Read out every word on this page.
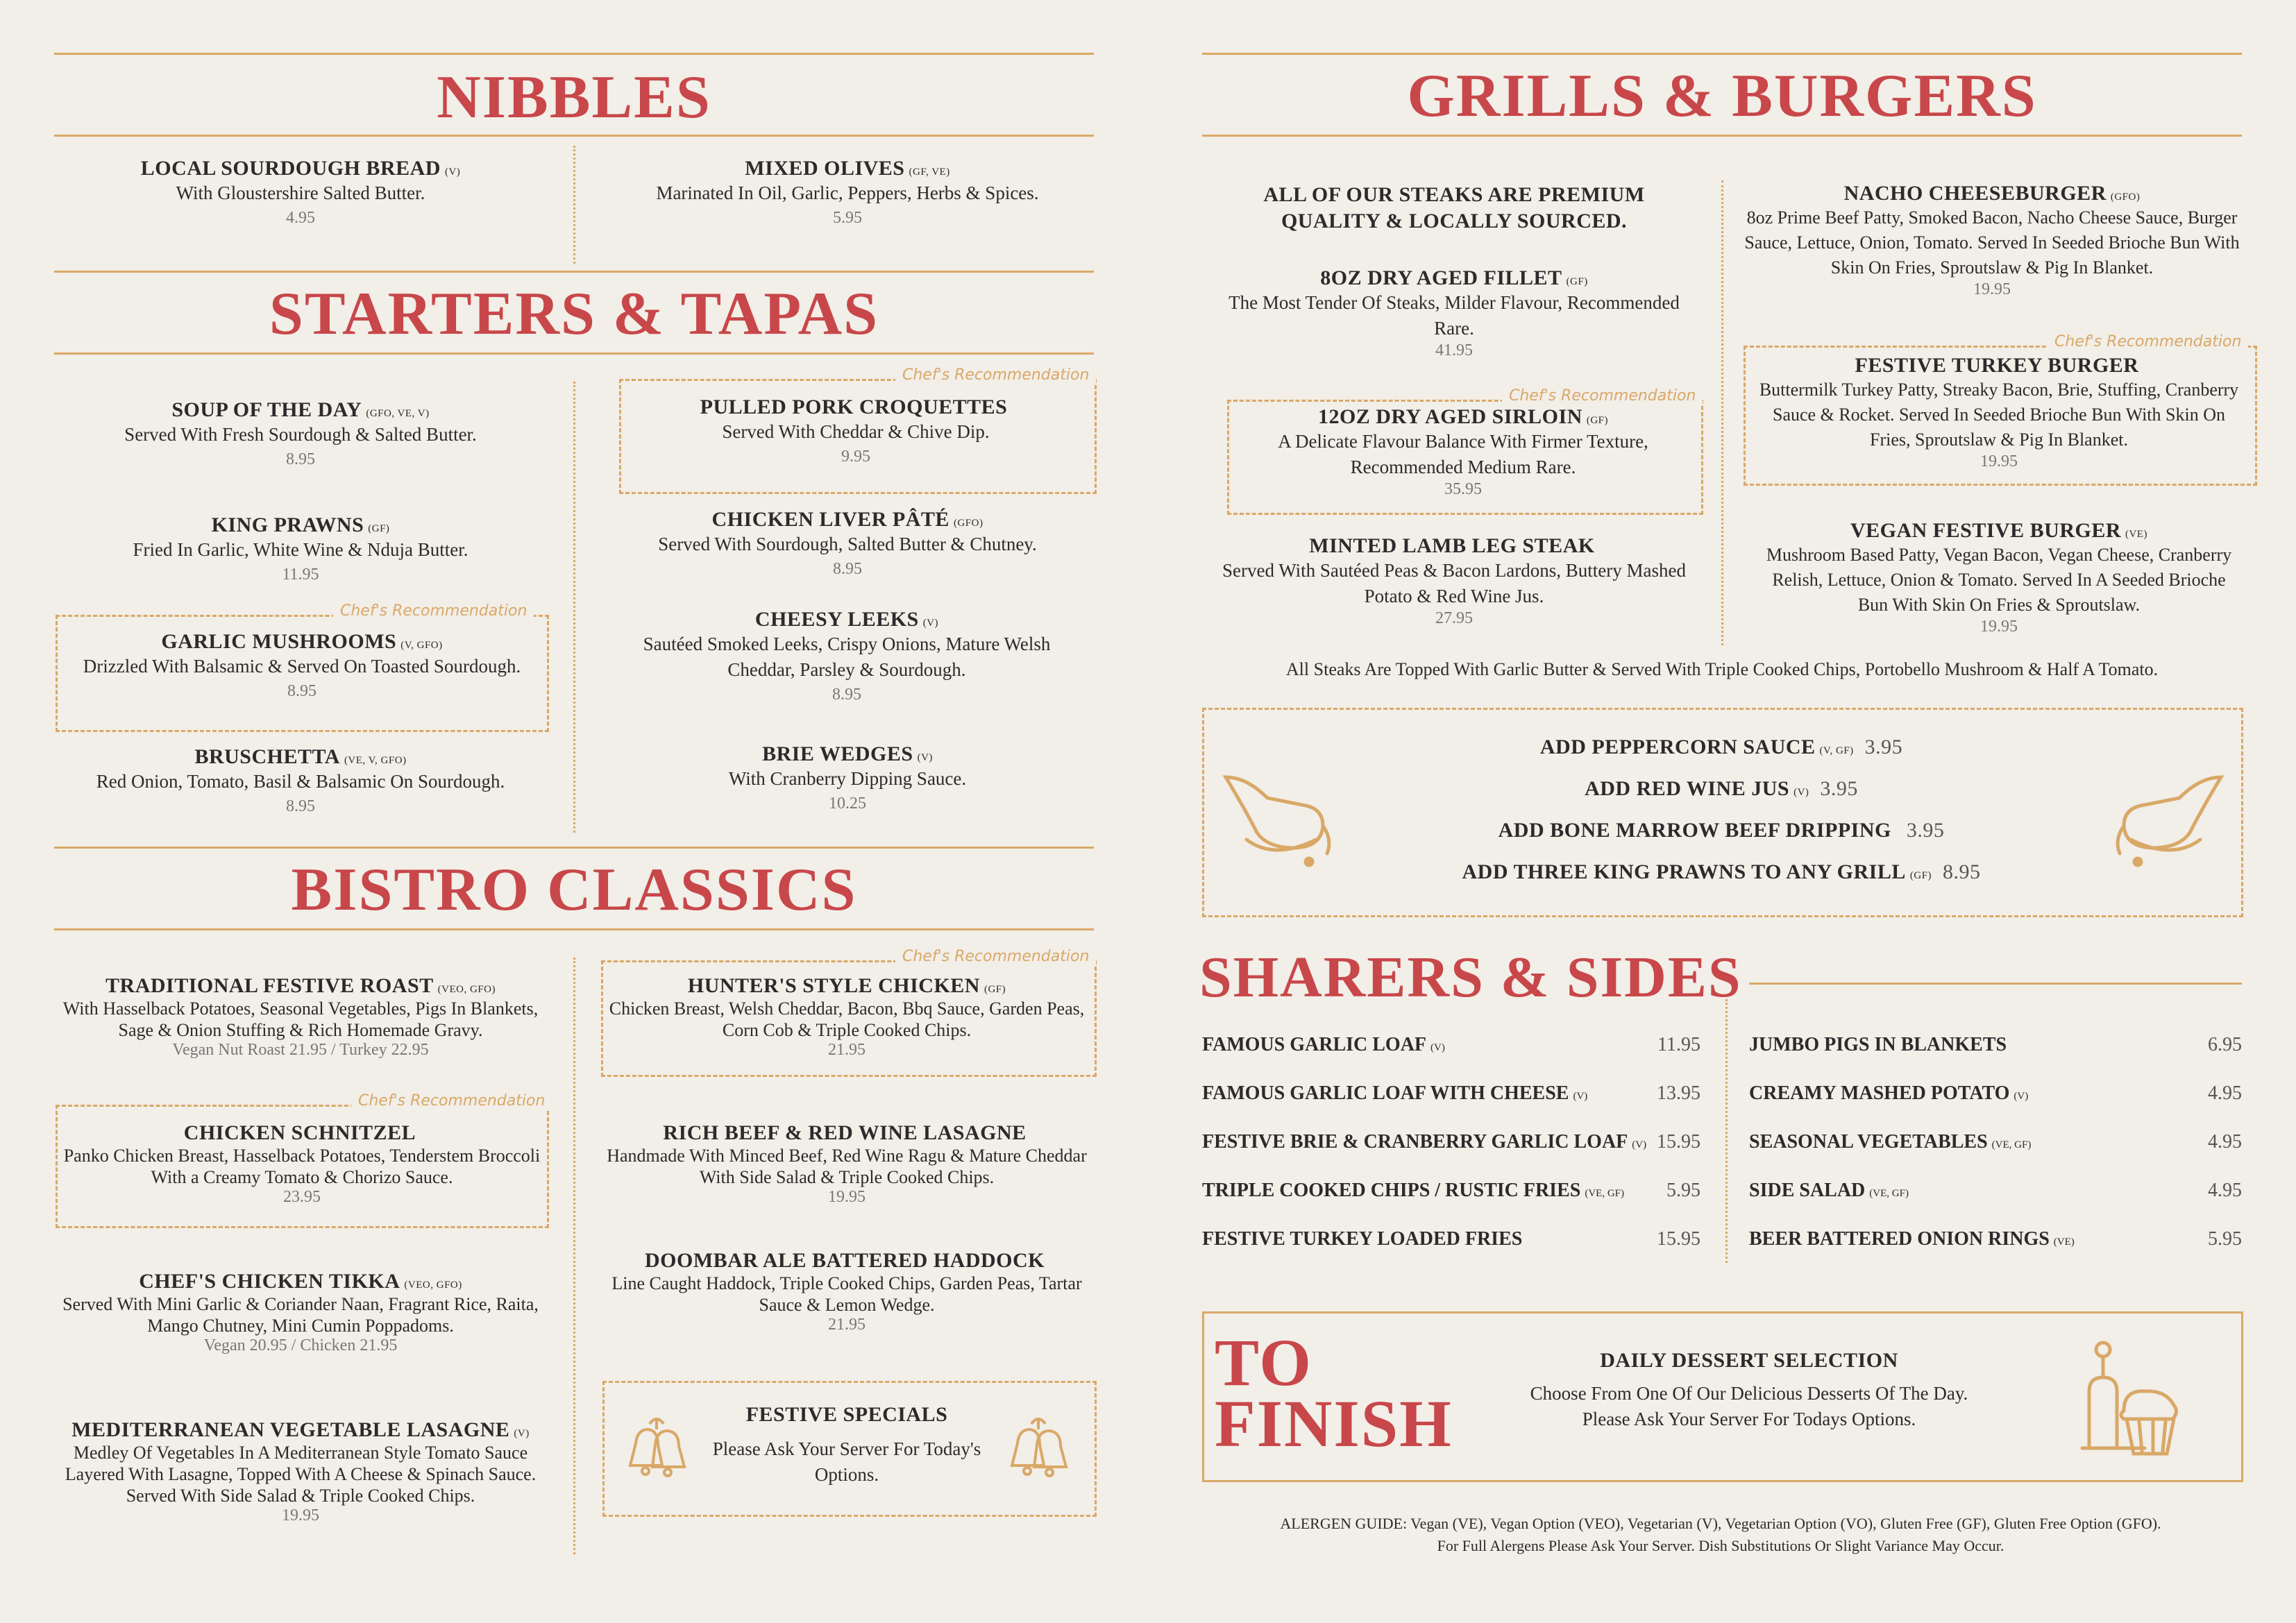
NIBBLES
LOCAL SOURDOUGH BREAD (V)
With Gloustershire Salted Butter.
4.95
MIXED OLIVES (GF, VE)
Marinated In Oil, Garlic, Peppers, Herbs & Spices.
5.95
STARTERS & TAPAS
SOUP OF THE DAY (GFO, VE, V)
Served With Fresh Sourdough & Salted Butter.
8.95
KING PRAWNS (GF)
Fried In Garlic, White Wine & Nduja Butter.
11.95
Chef's Recommendation
GARLIC MUSHROOMS (V, GFO)
Drizzled With Balsamic & Served On Toasted Sourdough.
8.95
BRUSCHETTA (VE, V, GFO)
Red Onion, Tomato, Basil & Balsamic On Sourdough.
8.95
Chef's Recommendation
PULLED PORK CROQUETTES
Served With Cheddar & Chive Dip.
9.95
CHICKEN LIVER PÂTÉ (GFO)
Served With Sourdough, Salted Butter & Chutney.
8.95
CHEESY LEEKS (V)
Sautéed Smoked Leeks, Crispy Onions, Mature Welsh Cheddar, Parsley & Sourdough.
8.95
BRIE WEDGES (V)
With Cranberry Dipping Sauce.
10.25
BISTRO CLASSICS
TRADITIONAL FESTIVE ROAST (VEO, GFO)
With Hasselback Potatoes, Seasonal Vegetables, Pigs In Blankets, Sage & Onion Stuffing & Rich Homemade Gravy.
Vegan Nut Roast 21.95 / Turkey 22.95
Chef's Recommendation
CHICKEN SCHNITZEL
Panko Chicken Breast, Hasselback Potatoes, Tenderstem Broccoli With a Creamy Tomato & Chorizo Sauce.
23.95
CHEF'S CHICKEN TIKKA (VEO, GFO)
Served With Mini Garlic & Coriander Naan, Fragrant Rice, Raita, Mango Chutney, Mini Cumin Poppadoms.
Vegan 20.95 / Chicken 21.95
MEDITERRANEAN VEGETABLE LASAGNE (V)
Medley Of Vegetables In A Mediterranean Style Tomato Sauce Layered With Lasagne, Topped With A Cheese & Spinach Sauce. Served With Side Salad & Triple Cooked Chips.
19.95
Chef's Recommendation
HUNTER'S STYLE CHICKEN (GF)
Chicken Breast, Welsh Cheddar, Bacon, Bbq Sauce, Garden Peas, Corn Cob & Triple Cooked Chips.
21.95
RICH BEEF & RED WINE LASAGNE
Handmade With Minced Beef, Red Wine Ragu & Mature Cheddar With Side Salad & Triple Cooked Chips.
19.95
DOOMBAR ALE BATTERED HADDOCK
Line Caught Haddock, Triple Cooked Chips, Garden Peas, Tartar Sauce & Lemon Wedge.
21.95
FESTIVE SPECIALS
Please Ask Your Server For Today's Options.
GRILLS & BURGERS
ALL OF OUR STEAKS ARE PREMIUM QUALITY & LOCALLY SOURCED.
8OZ DRY AGED FILLET (GF)
The Most Tender Of Steaks, Milder Flavour, Recommended Rare.
41.95
Chef's Recommendation
12OZ DRY AGED SIRLOIN (GF)
A Delicate Flavour Balance With Firmer Texture, Recommended Medium Rare.
35.95
MINTED LAMB LEG STEAK
Served With Sautéed Peas & Bacon Lardons, Buttery Mashed Potato & Red Wine Jus.
27.95
NACHO CHEESEBURGER (GFO)
8oz Prime Beef Patty, Smoked Bacon, Nacho Cheese Sauce, Burger Sauce, Lettuce, Onion, Tomato. Served In Seeded Brioche Bun With Skin On Fries, Sproutslaw & Pig In Blanket.
19.95
Chef's Recommendation
FESTIVE TURKEY BURGER
Buttermilk Turkey Patty, Streaky Bacon, Brie, Stuffing, Cranberry Sauce & Rocket. Served In Seeded Brioche Bun With Skin On Fries, Sproutslaw & Pig In Blanket.
19.95
VEGAN FESTIVE BURGER (VE)
Mushroom Based Patty, Vegan Bacon, Vegan Cheese, Cranberry Relish, Lettuce, Onion & Tomato. Served In A Seeded Brioche Bun With Skin On Fries & Sproutslaw.
19.95
All Steaks Are Topped With Garlic Butter & Served With Triple Cooked Chips, Portobello Mushroom & Half A Tomato.
ADD PEPPERCORN SAUCE (V, GF) 3.95
ADD RED WINE JUS (V) 3.95
ADD BONE MARROW BEEF DRIPPING 3.95
ADD THREE KING PRAWNS TO ANY GRILL (GF) 8.95
SHARERS & SIDES
FAMOUS GARLIC LOAF (V)	11.95
FAMOUS GARLIC LOAF WITH CHEESE (V)	13.95
FESTIVE BRIE & CRANBERRY GARLIC LOAF (V) 15.95
TRIPLE COOKED CHIPS / RUSTIC FRIES (VE, GF) 5.95
FESTIVE TURKEY LOADED FRIES	15.95
JUMBO PIGS IN BLANKETS	6.95
CREAMY MASHED POTATO (V)	4.95
SEASONAL VEGETABLES (VE, GF)	4.95
SIDE SALAD (VE, GF)	4.95
BEER BATTERED ONION RINGS (VE)	5.95
TO
FINISH
DAILY DESSERT SELECTION
Choose From One Of Our Delicious Desserts Of The Day.
Please Ask Your Server For Todays Options.
ALERGEN GUIDE: Vegan (VE), Vegan Option (VEO), Vegetarian (V), Vegetarian Option (VO), Gluten Free (GF), Gluten Free Option (GFO).
For Full Alergens Please Ask Your Server. Dish Substitutions Or Slight Variance May Occur.
